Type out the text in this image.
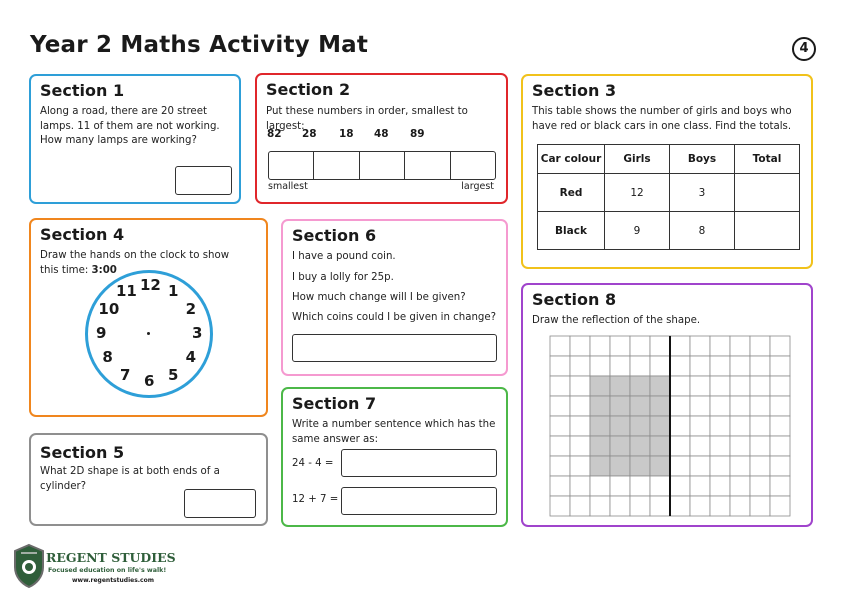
Year 2 Maths Activity Mat	4
Section 1

Along a road, there are 20 street lamps. 11 of them are not working. How many lamps are working?

Section 2

Put these numbers in order, smallest to largest:

82 28 18 48 89
smallest	largest
Section 3

This table shows the number of girls and boys who have red or black cars in one class. Find the totals.

Car colour	Girls	Boys	Total
Red	12	3	
Black	9	8	
Section 4

Draw the hands on the clock to show this time: 3:00

12 1
2
3
4
5
6
7
8
9
10
11
Section 5

What 2D shape is at both ends of a cylinder?

Section 6

I have a pound coin.

I buy a lolly for 25p.

How much change will I be given?

Which coins could I be given in change?

Section 7

Write a number sentence which has the same answer as:

24 - 4 =
12 + 7 =
Section 8

Draw the reflection of the shape.

REGENT STUDIES
Focused education on life's walk!
www.regentstudies.com
